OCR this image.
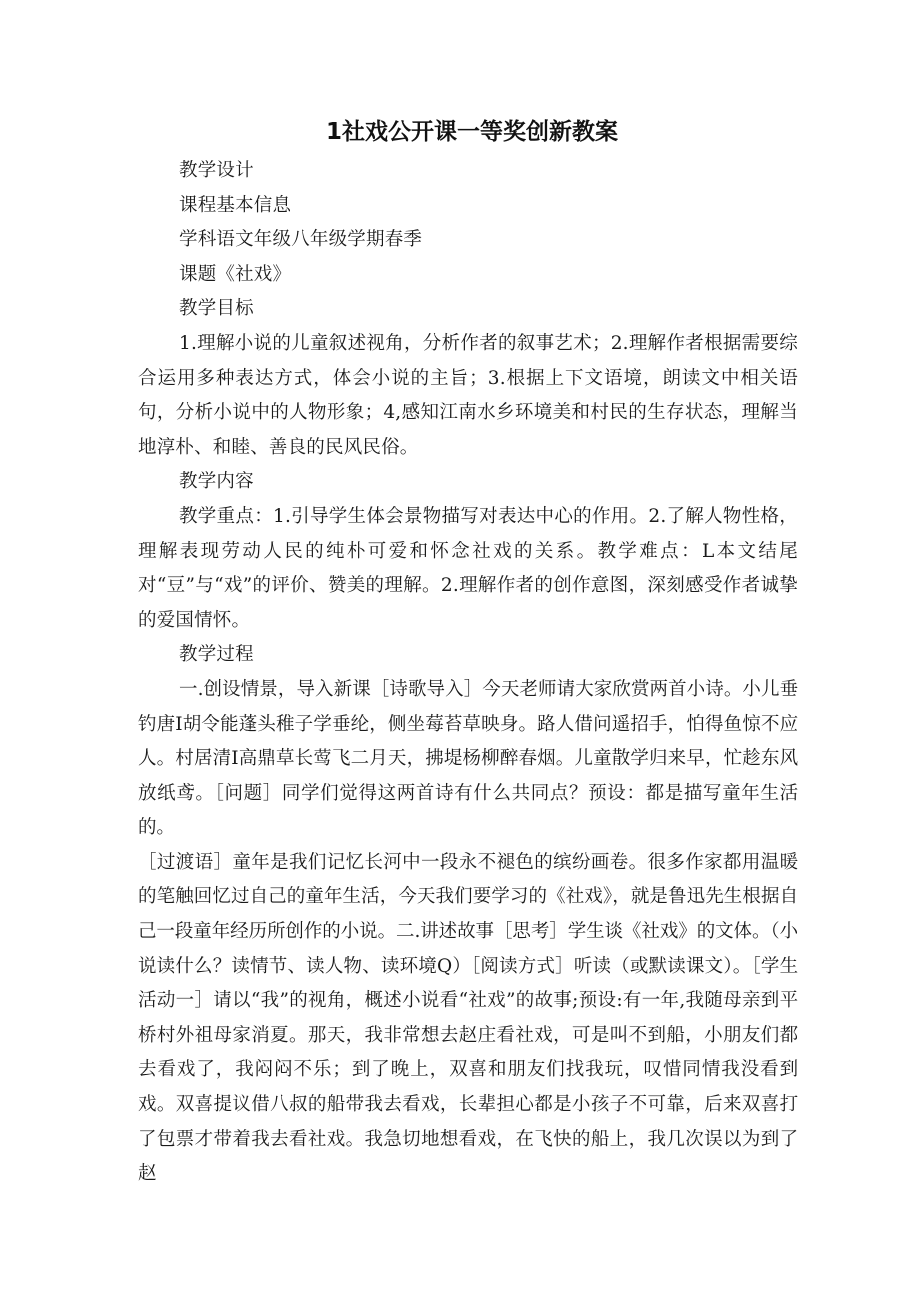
1社戏公开课一等奖创新教案

教学设计

课程基本信息

学科语文年级八年级学期春季

课题《社戏》

教学目标

1.理解小说的儿童叙述视角，分析作者的叙事艺术；2.理解作者根据需要综合运用多种表达方式，体会小说的主旨；3.根据上下文语境，朗读文中相关语句，分析小说中的人物形象；4,感知江南水乡环境美和村民的生存状态，理解当地淳朴、和睦、善良的民风民俗。

教学内容

教学重点：1.引导学生体会景物描写对表达中心的作用。2.了解人物性格，理解表现劳动人民的纯朴可爱和怀念社戏的关系。教学难点：L本文结尾对“豆”与“戏”的评价、赞美的理解。2.理解作者的创作意图，深刻感受作者诚挚的爱国情怀。

教学过程

一.创设情景，导入新课［诗歌导入］今天老师请大家欣赏两首小诗。小儿垂钓唐I胡令能蓬头稚子学垂纶，侧坐莓苔草映身。路人借问遥招手，怕得鱼惊不应人。村居清I高鼎草长莺飞二月天，拂堤杨柳醉春烟。儿童散学归来早，忙趁东风放纸鸢。［问题］同学们觉得这两首诗有什么共同点？预设：都是描写童年生活的。

［过渡语］童年是我们记忆长河中一段永不褪色的缤纷画卷。很多作家都用温暖的笔触回忆过自己的童年生活，今天我们要学习的《社戏》，就是鲁迅先生根据自己一段童年经历所创作的小说。二.讲述故事［思考］学生谈《社戏》的文体。（小说读什么？读情节、读人物、读环境Q）［阅读方式］听读（或默读课文）。［学生活动一］请以“我”的视角，概述小说看“社戏”的故事;预设:有一年,我随母亲到平桥村外祖母家消夏。那天，我非常想去赵庄看社戏，可是叫不到船，小朋友们都去看戏了，我闷闷不乐；到了晚上，双喜和朋友们找我玩，叹惜同情我没看到戏。双喜提议借八叔的船带我去看戏，长辈担心都是小孩子不可靠，后来双喜打了包票才带着我去看社戏。我急切地想看戏，在飞快的船上，我几次误以为到了赵
